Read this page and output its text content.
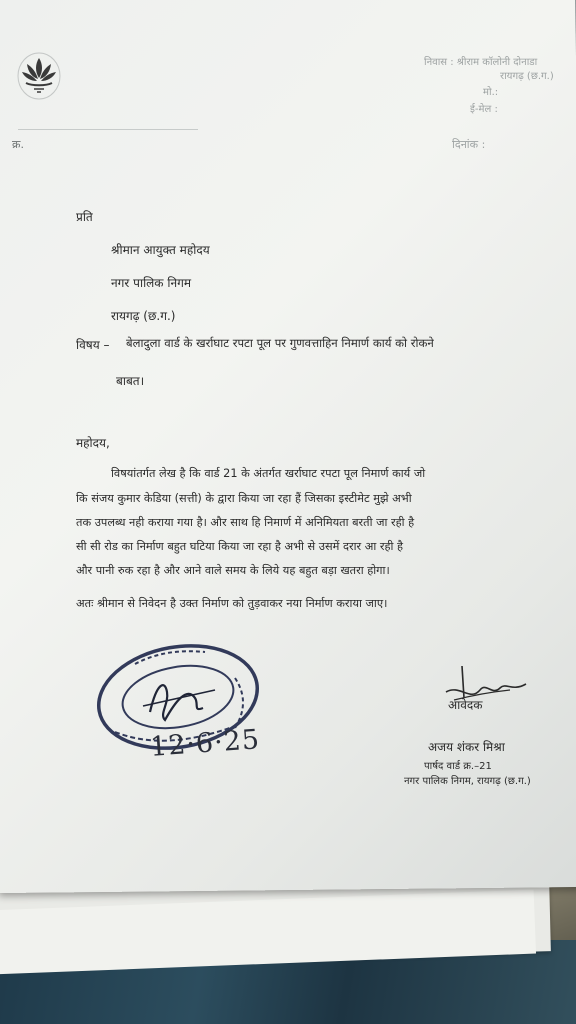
निवास : श्रीराम कॉलोनी दोनाडा
रायगढ़ (छ.ग.)
मो.:
ई-मेल :
क्र.	दिनांक :
प्रति
श्रीमान आयुक्त महोदय
नगर पालिक निगम
रायगढ़ (छ.ग.)
विषय – बेलादुला वार्ड के खर्राघाट रपटा पूल पर गुणवत्ताहिन निमार्ण कार्य को रोकने
बाबत।
महोदय,
विषयांतर्गत लेख है कि वार्ड 21 के अंतर्गत खर्राघाट रपटा पूल निमार्ण कार्य जो
कि संजय कुमार केडिया (सत्ती) के द्वारा किया जा रहा हैं जिसका इस्टीमेट मुझे अभी
तक उपलब्ध नही कराया गया है। और साथ हि निमार्ण में अनिमियता बरती जा रही है
सी सी रोड का निर्माण बहुत घटिया किया जा रहा है अभी से उसमें दरार आ रही है
और पानी रुक रहा है और आने वाले समय के लिये यह बहुत बड़ा खतरा होगा।
अतः श्रीमान से निवेदन है उक्त निर्माण को तुड़वाकर नया निर्माण कराया जाए।
12·6·25
आवेदक
अजय शंकर मिश्रा
पार्षद वार्ड क्र.–21
नगर पालिक निगम, रायगढ़ (छ.ग.)
